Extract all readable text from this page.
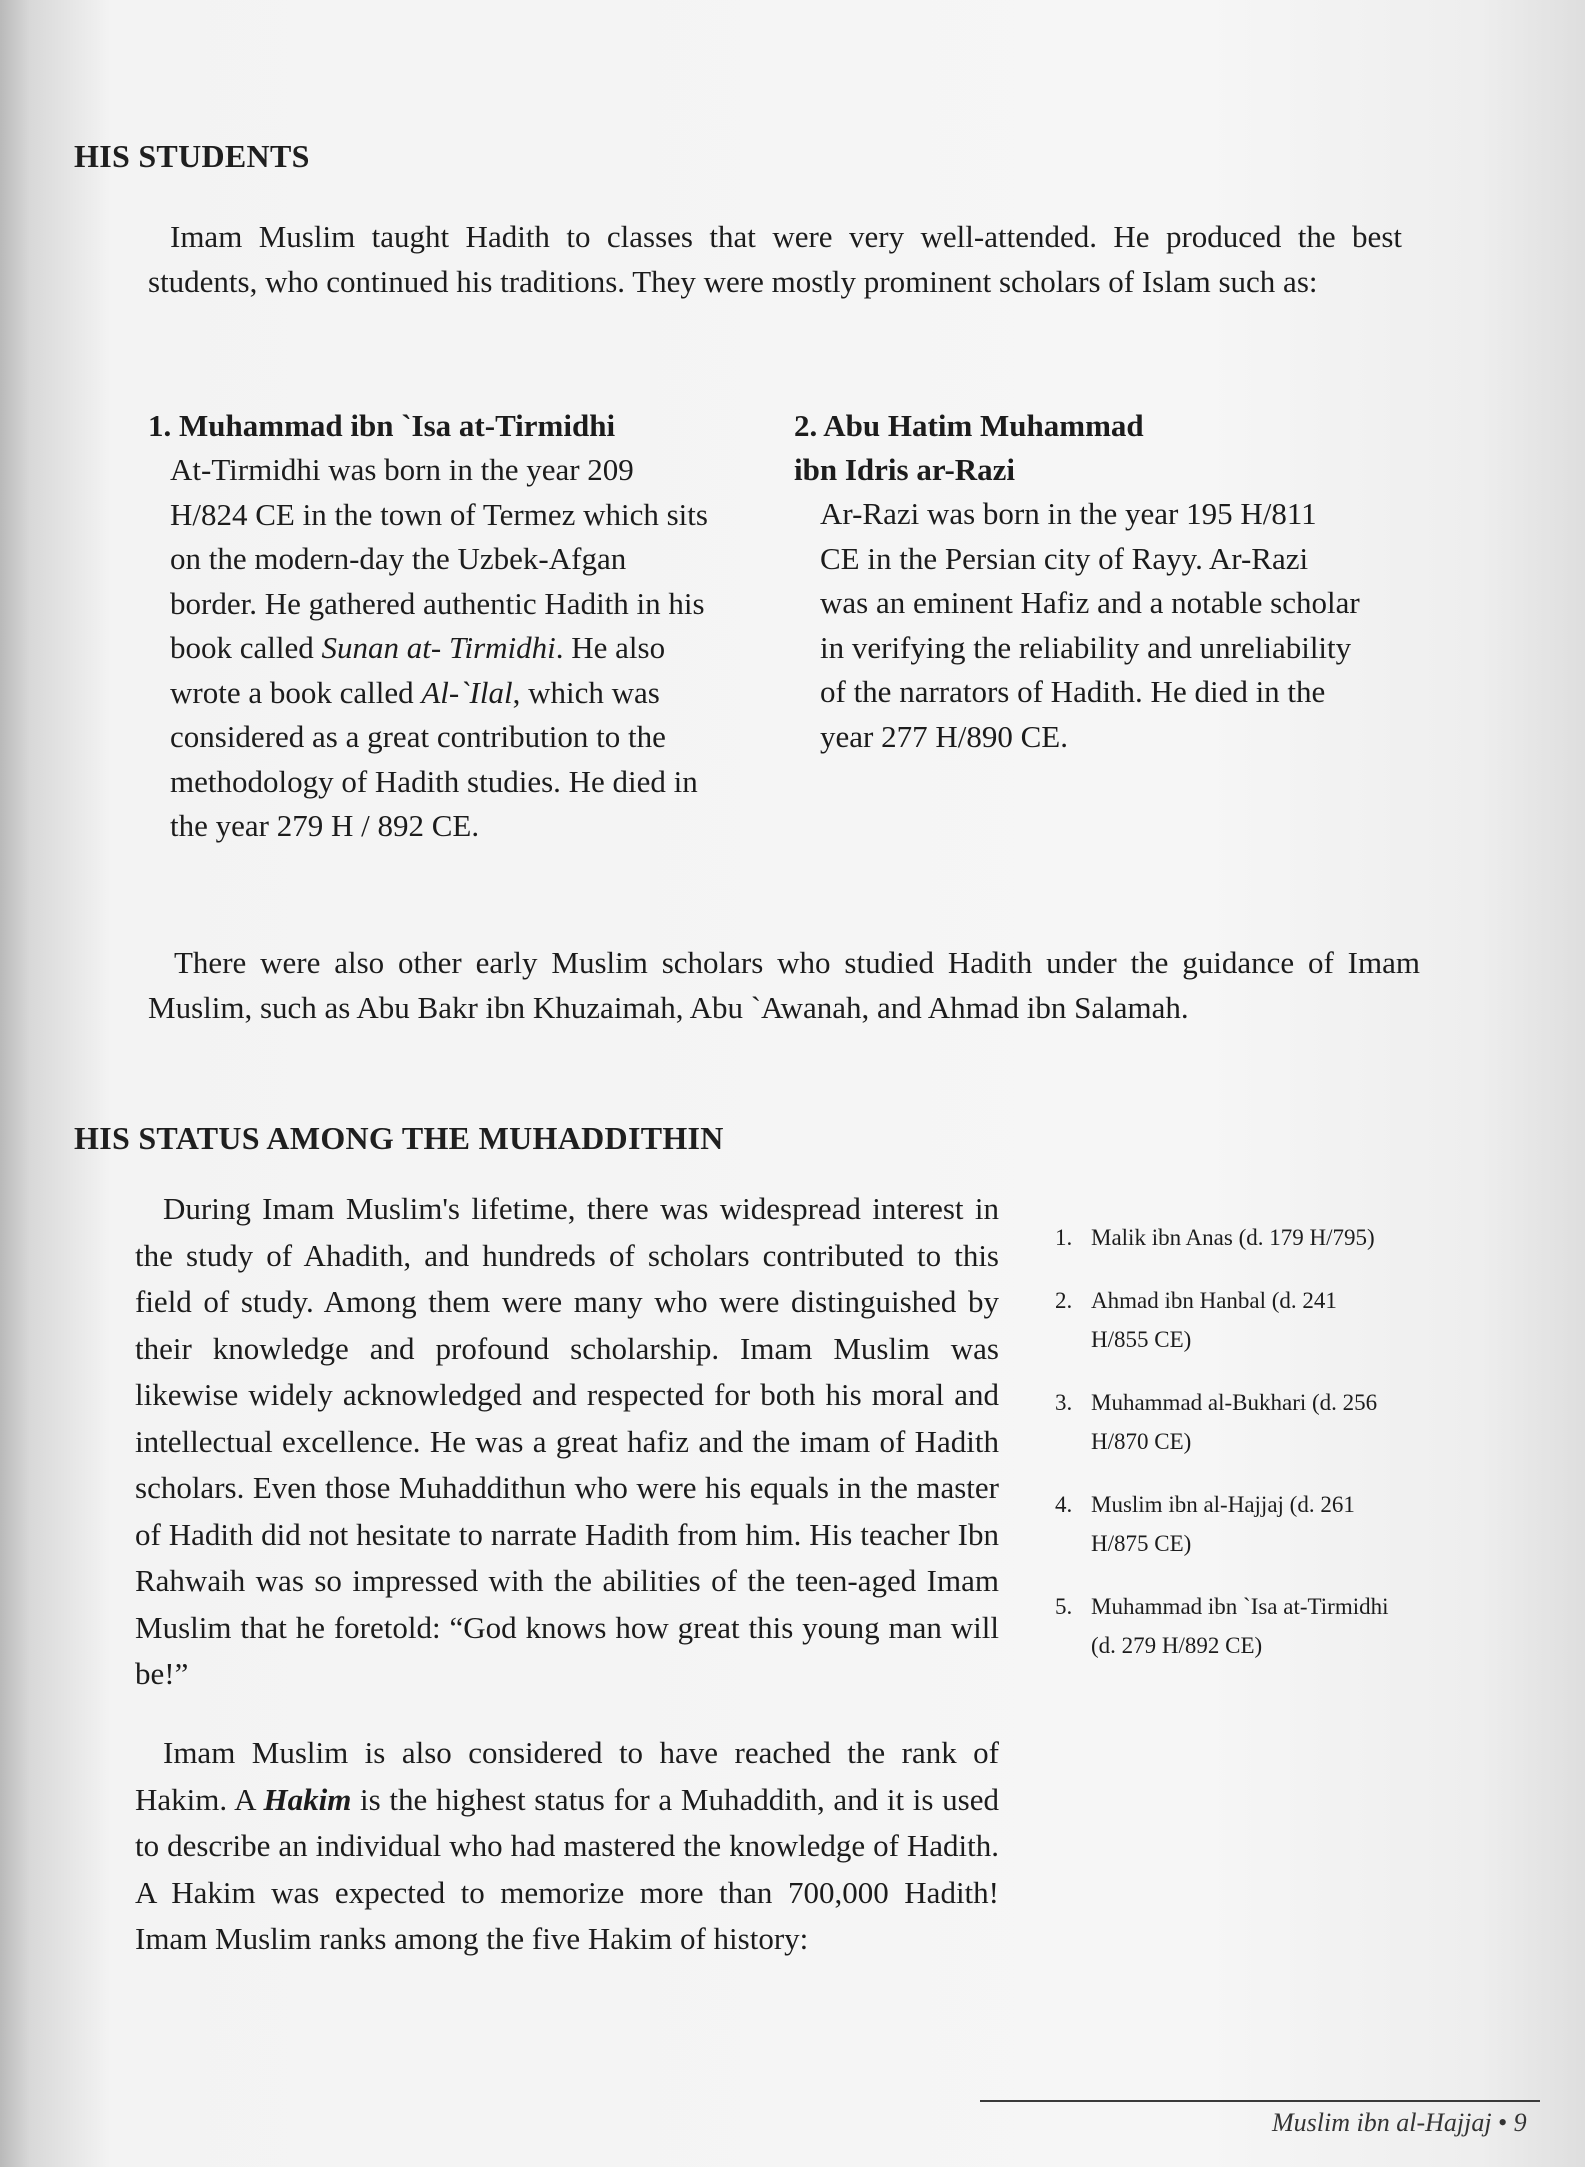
HIS STUDENTS

Imam Muslim taught Hadith to classes that were very well-attended. He produced the best students, who continued his traditions. They were mostly prominent scholars of Islam such as:

1. Muhammad ibn `Isa at-Tirmidhi
At-Tirmidhi was born in the year 209 H/824 CE in the town of Termez which sits on the modern-day the Uzbek-Afgan border. He gathered authentic Hadith in his book called Sunan at- Tirmidhi. He also wrote a book called Al-`Ilal, which was considered as a great contribution to the methodology of Hadith studies. He died in the year 279 H / 892 CE.
2. Abu Hatim Muhammad
ibn Idris ar-Razi
Ar-Razi was born in the year 195 H/811 CE in the Persian city of Rayy. Ar-Razi was an eminent Hafiz and a notable scholar in verifying the reliability and unreliability of the narrators of Hadith. He died in the year 277 H/890 CE.

There were also other early Muslim scholars who studied Hadith under the guidance of Imam Muslim, such as Abu Bakr ibn Khuzaimah, Abu `Awanah, and Ahmad ibn Salamah.

HIS STATUS AMONG THE MUHADDITHIN

During Imam Muslim's lifetime, there was widespread interest in the study of Ahadith, and hundreds of scholars contributed to this field of study. Among them were many who were distinguished by their knowledge and profound scholarship. Imam Muslim was likewise widely acknowledged and respected for both his moral and intellectual excellence. He was a great hafiz and the imam of Hadith scholars. Even those Muhaddithun who were his equals in the master of Hadith did not hesitate to narrate Hadith from him. His teacher Ibn Rahwaih was so impressed with the abilities of the teen-aged Imam Muslim that he foretold: “God knows how great this young man will be!”

Imam Muslim is also considered to have reached the rank of Hakim. A Hakim is the highest status for a Muhaddith, and it is used to describe an individual who had mastered the knowledge of Hadith. A Hakim was expected to memorize more than 700,000 Hadith! Imam Muslim ranks among the five Hakim of history:

1. Malik ibn Anas (d. 179 H/795)
2. Ahmad ibn Hanbal (d. 241 H/855 CE)
3. Muhammad al-Bukhari (d. 256 H/870 CE)
4. Muslim ibn al-Hajjaj (d. 261 H/875 CE)
5. Muhammad ibn `Isa at-Tirmidhi (d. 279 H/892 CE)
Muslim ibn al-Hajjaj • 9
